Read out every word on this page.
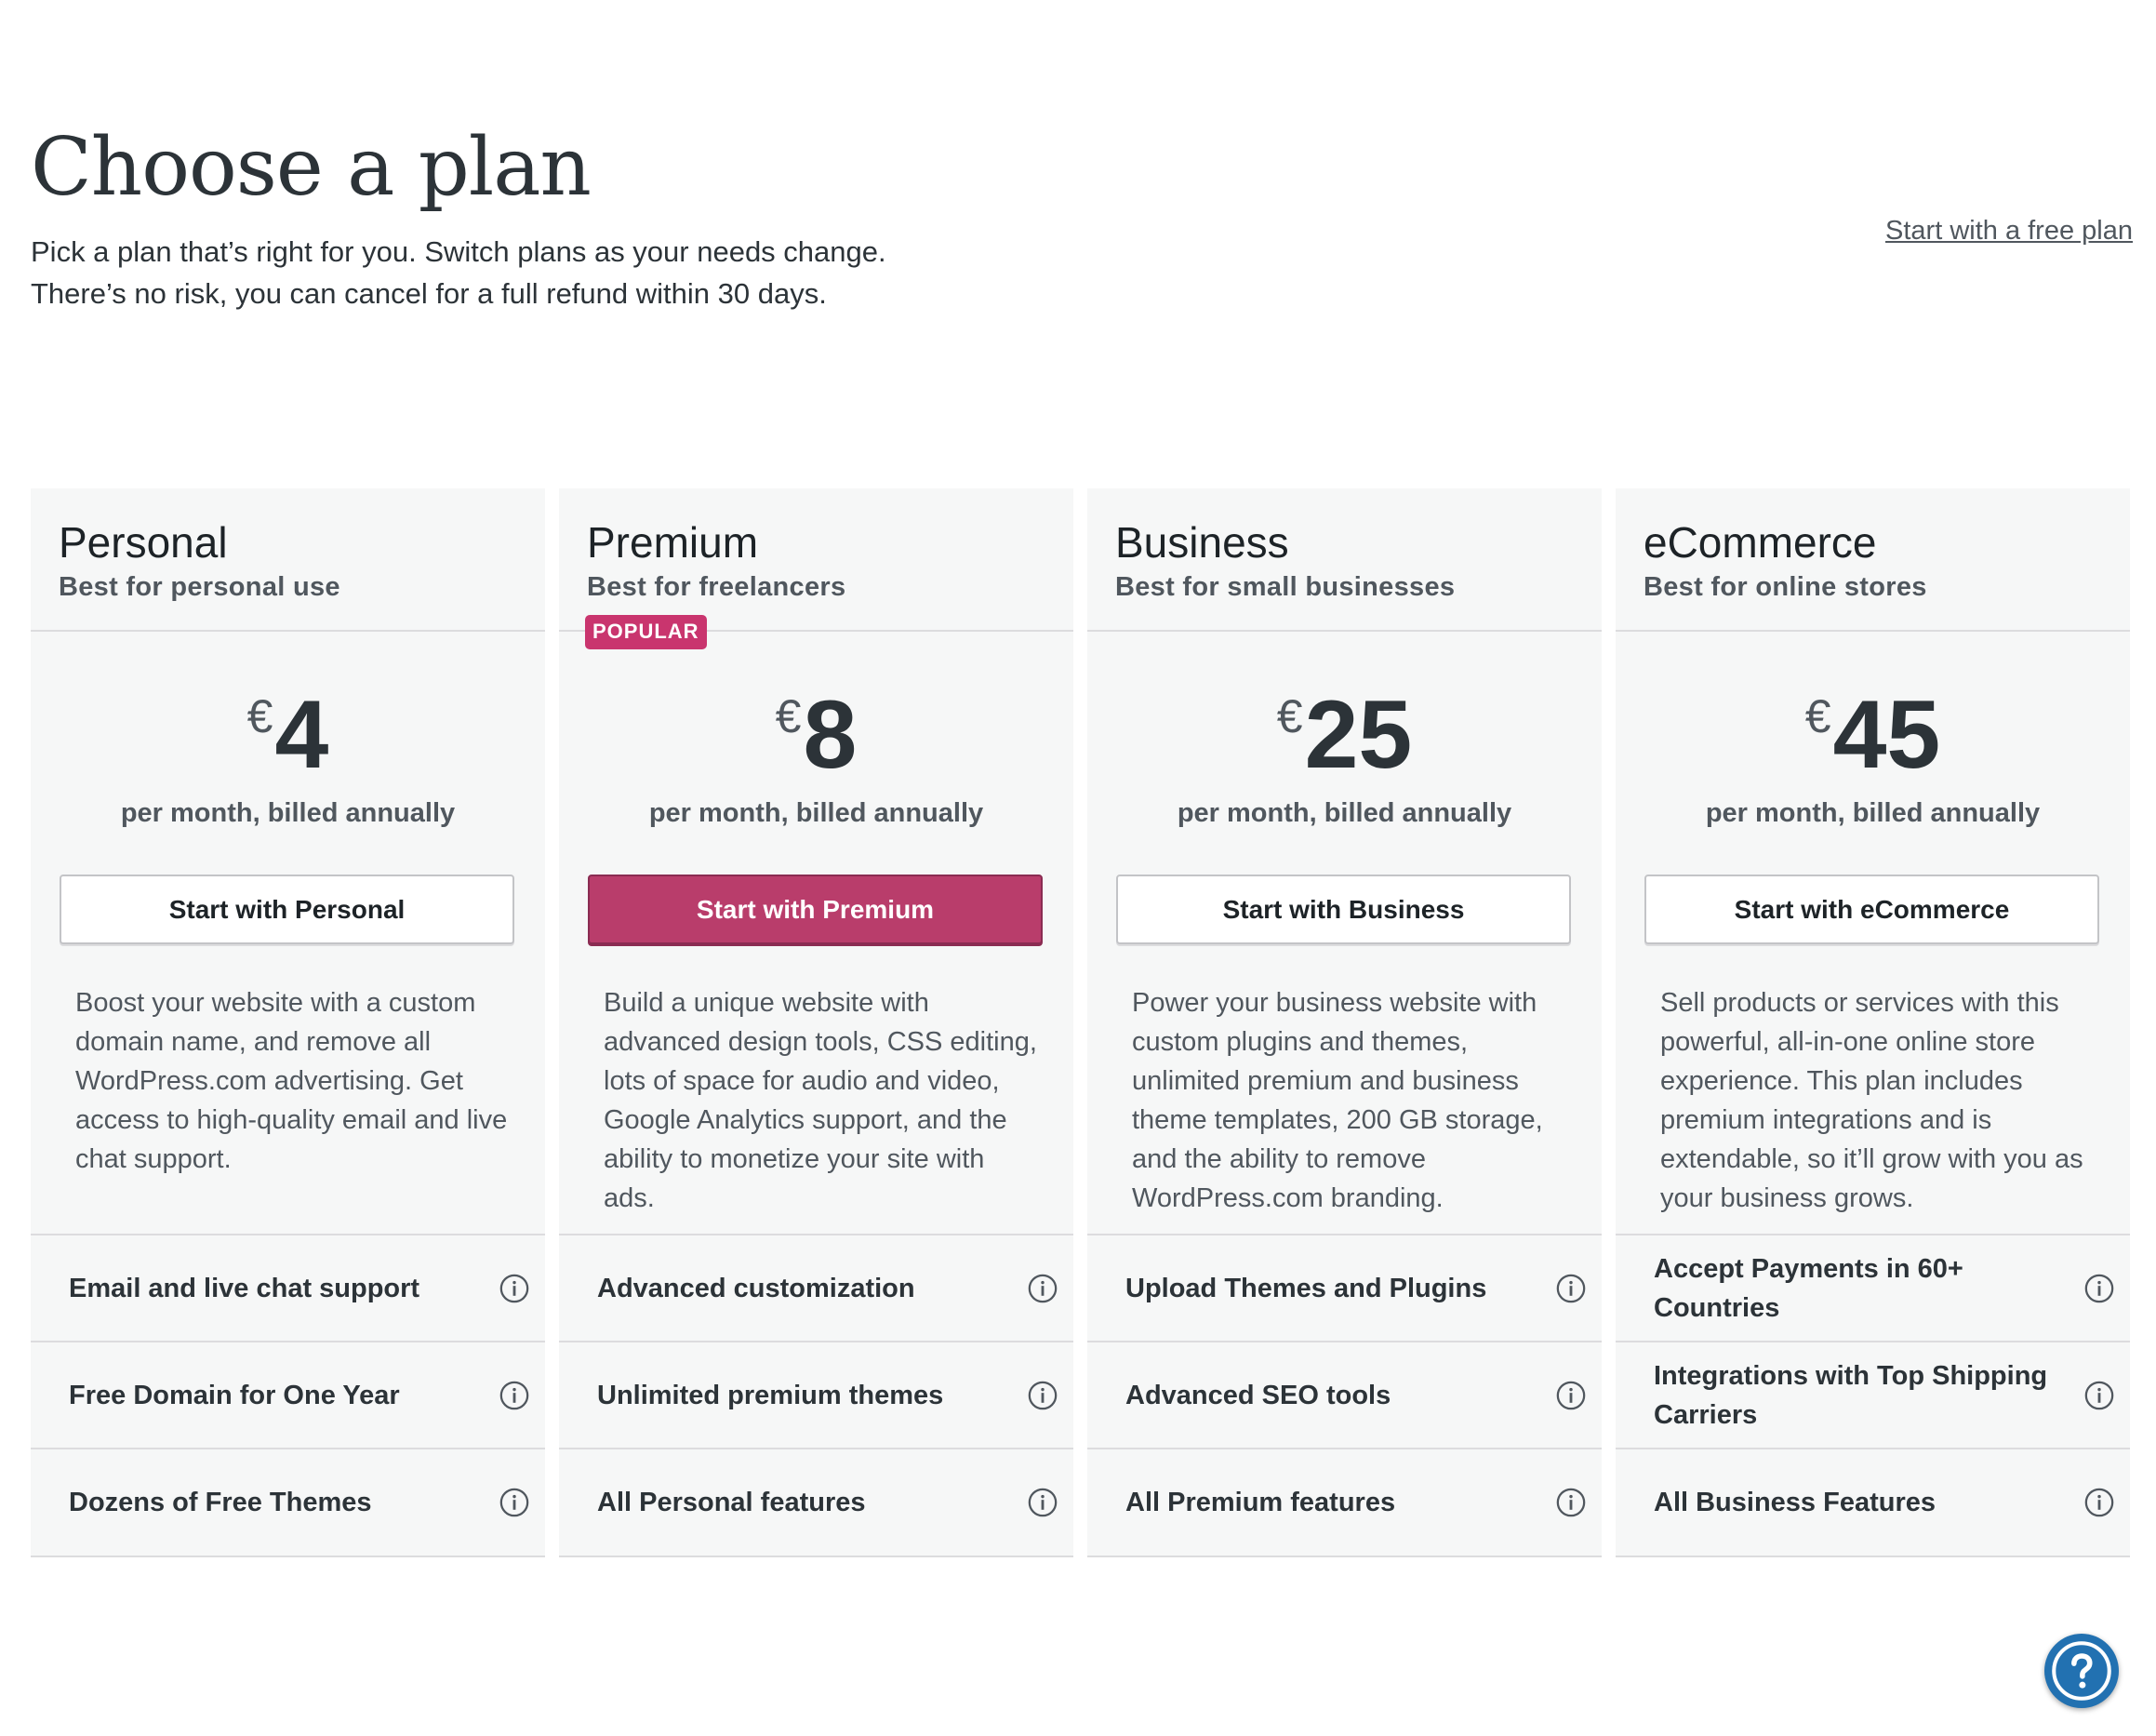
Choose a plan
Pick a plan that’s right for you. Switch plans as your needs change.
There’s no risk, you can cancel for a full refund within 30 days.
Start with a free plan
Personal
Best for personal use
€4
per month, billed annually
Start with Personal
Boost your website with a custom domain name, and remove all WordPress.com advertising. Get access to high-quality email and live chat support.
Email and live chat support
Free Domain for One Year
Dozens of Free Themes
Premium
Best for freelancers
POPULAR
€8
per month, billed annually
Start with Premium
Build a unique website with advanced design tools, CSS editing, lots of space for audio and video, Google Analytics support, and the ability to monetize your site with ads.
Advanced customization
Unlimited premium themes
All Personal features
Business
Best for small businesses
€25
per month, billed annually
Start with Business
Power your business website with custom plugins and themes, unlimited premium and business theme templates, 200 GB storage, and the ability to remove WordPress.com branding.
Upload Themes and Plugins
Advanced SEO tools
All Premium features
eCommerce
Best for online stores
€45
per month, billed annually
Start with eCommerce
Sell products or services with this powerful, all-in-one online store experience. This plan includes premium integrations and is extendable, so it’ll grow with you as your business grows.
Accept Payments in 60+ Countries
Integrations with Top Shipping Carriers
All Business Features
